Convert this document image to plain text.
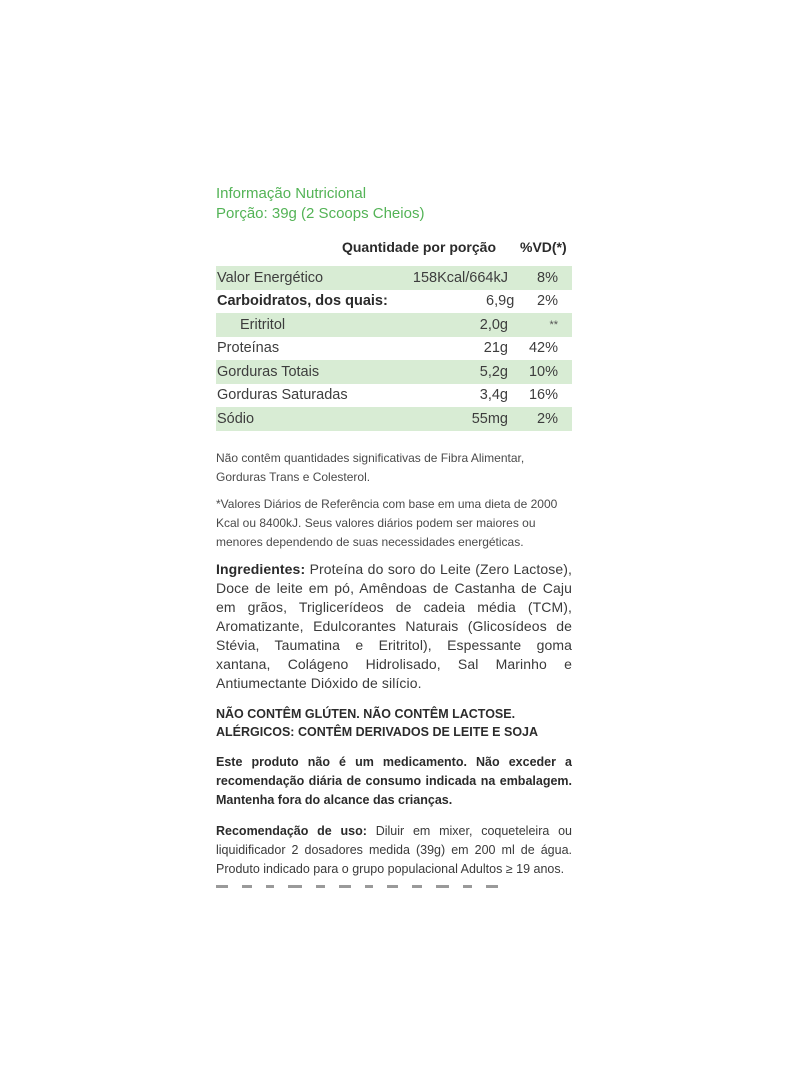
Informação Nutricional
Porção: 39g (2 Scoops Cheios)
Quantidade por porção	%VD(*)
Valor Energético	158Kcal/664kJ	8%
Carboidratos, dos quais:	6,9g	2%
Eritritol	2,0g	**
Proteínas	21g	42%
Gorduras Totais	5,2g	10%
Gorduras Saturadas	3,4g	16%
Sódio	55mg	2%

Não contêm quantidades significativas de Fibra Alimentar, Gorduras Trans e Colesterol.

*Valores Diários de Referência com base em uma dieta de 2000 Kcal ou 8400kJ. Seus valores diários podem ser maiores ou menores dependendo de suas necessidades energéticas.

Ingredientes: Proteína do soro do Leite (Zero Lactose), Doce de leite em pó, Amêndoas de Castanha de Caju em grãos, Triglicerídeos de cadeia média (TCM), Aromatizante, Edulcorantes Naturais (Glicosídeos de Stévia, Taumatina e Eritritol), Espessante goma xantana, Colágeno Hidrolisado, Sal Marinho e Antiumectante Dióxido de silício.

NÃO CONTÊM GLÚTEN. NÃO CONTÊM LACTOSE.
ALÉRGICOS: CONTÊM DERIVADOS DE LEITE E SOJA

Este produto não é um medicamento. Não exceder a recomendação diária de consumo indicada na embalagem. Mantenha fora do alcance das crianças.

Recomendação de uso: Diluir em mixer, coqueteleira ou liquidificador 2 dosadores medida (39g) em 200 ml de água. Produto indicado para o grupo populacional Adultos ≥ 19 anos.
